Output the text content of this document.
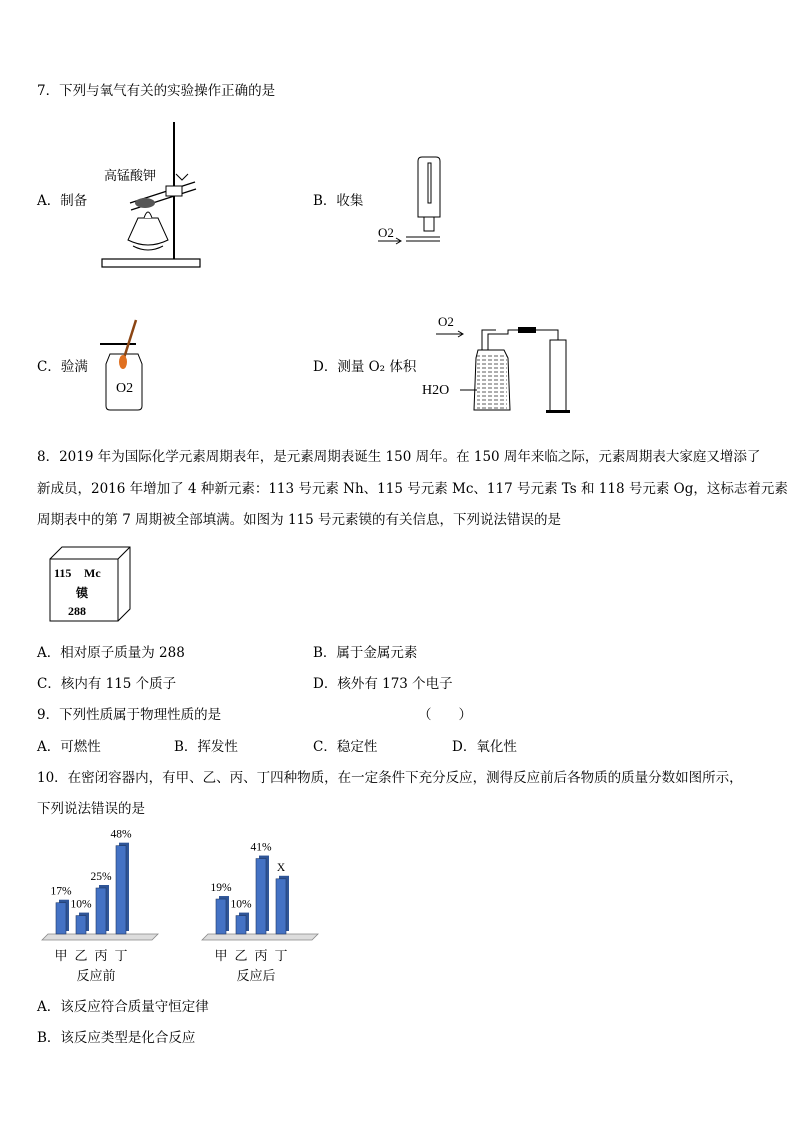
7．下列与氧气有关的实验操作正确的是
A．制备
高锰酸钾
B．收集
O2
C．验满
O2
D．测量 O₂ 体积
O2
H2O
8．2019 年为国际化学元素周期表年，是元素周期表诞生 150 周年。在 150 周年来临之际，元素周期表大家庭又增添了
新成员，2016 年增加了 4 种新元素：113 号元素 Nh、115 号元素 Mc、117 号元素 Ts 和 118 号元素 Og，这标志着元素
周期表中的第 7 周期被全部填满。如图为 115 号元素镆的有关信息，下列说法错误的是
115 Mc
镆
288
A．相对原子质量为 288	B．属于金属元素
C．核内有 115 个质子	D．核外有 173 个电子
9．下列性质属于物理性质的是	（　　）
A．可燃性	B．挥发性	C．稳定性	D．氧化性
10．在密闭容器内，有甲、乙、丙、丁四种物质，在一定条件下充分反应，测得反应前后各物质的质量分数如图所示，
下列说法错误的是
17%
甲
10%
乙
25%
丙
48%
丁
反应前
19%
甲
10%
乙
41%
丙
X
丁
反应后
A．该反应符合质量守恒定律
B．该反应类型是化合反应
